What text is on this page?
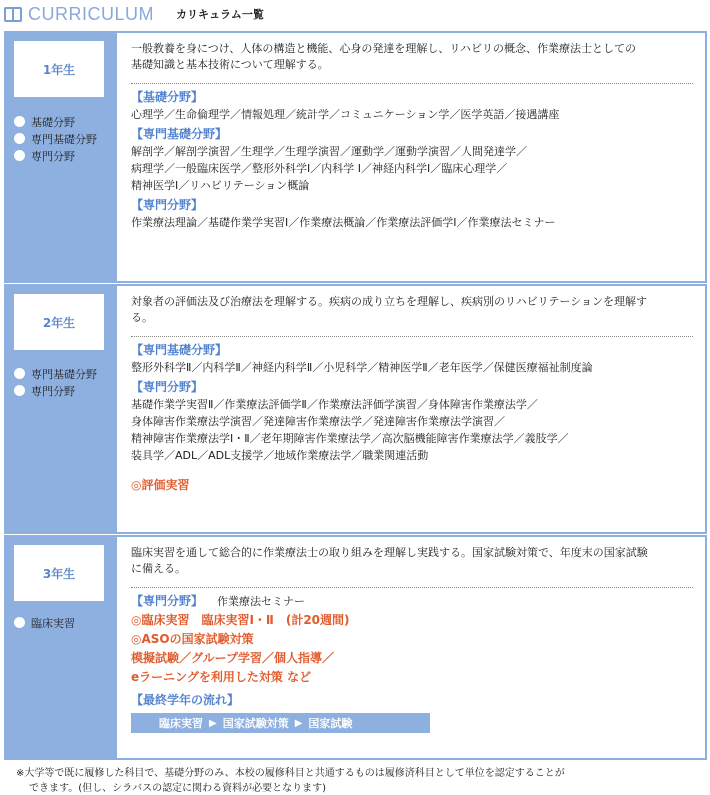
CURRICULUM カリキュラム一覧
1年生
基礎分野
専門基礎分野
専門分野
一般教養を身につけ、人体の構造と機能、心身の発達を理解し、リハビリの概念、作業療法士としての
基礎知識と基本技術について理解する。
【基礎分野】
心理学／生命倫理学／情報処理／統計学／コミュニケーション学／医学英語／接遇講座
【専門基礎分野】
解剖学／解剖学演習／生理学／生理学演習／運動学／運動学演習／人間発達学／
病理学／一般臨床医学／整形外科学Ⅰ／内科学 Ⅰ／神経内科学Ⅰ／臨床心理学／
精神医学Ⅰ／リハビリテーション概論
【専門分野】
作業療法理論／基礎作業学実習Ⅰ／作業療法概論／作業療法評価学Ⅰ／作業療法セミナー
2年生
専門基礎分野
専門分野
対象者の評価法及び治療法を理解する。疾病の成り立ちを理解し、疾病別のリハビリテーションを理解す
る。
【専門基礎分野】
整形外科学Ⅱ／内科学Ⅱ／神経内科学Ⅱ／小児科学／精神医学Ⅱ／老年医学／保健医療福祉制度論
【専門分野】
基礎作業学実習Ⅱ／作業療法評価学Ⅱ／作業療法評価学演習／身体障害作業療法学／
身体障害作業療法学演習／発達障害作業療法学／発達障害作業療法学演習／
精神障害作業療法学Ⅰ・Ⅱ／老年期障害作業療法学／高次脳機能障害作業療法学／義肢学／
装具学／ADL／ADL支援学／地域作業療法学／職業関連活動
◎評価実習
3年生
臨床実習
臨床実習を通して総合的に作業療法士の取り組みを理解し実践する。国家試験対策で、年度末の国家試験
に備える。
【専門分野】 作業療法セミナー
◎臨床実習　臨床実習Ⅰ・Ⅱ　(計20週間)
◎ASOの国家試験対策
模擬試験／グループ学習／個人指導／
eラーニングを利用した対策 など
【最終学年の流れ】
臨床実習 ▶ 国家試験対策 ▶ 国家試験
※大学等で既に履修した科目で、基礎分野のみ、本校の履修科目と共通するものは履修済科目として単位を認定することが
できます。(但し、シラバスの認定に関わる資料が必要となります)
